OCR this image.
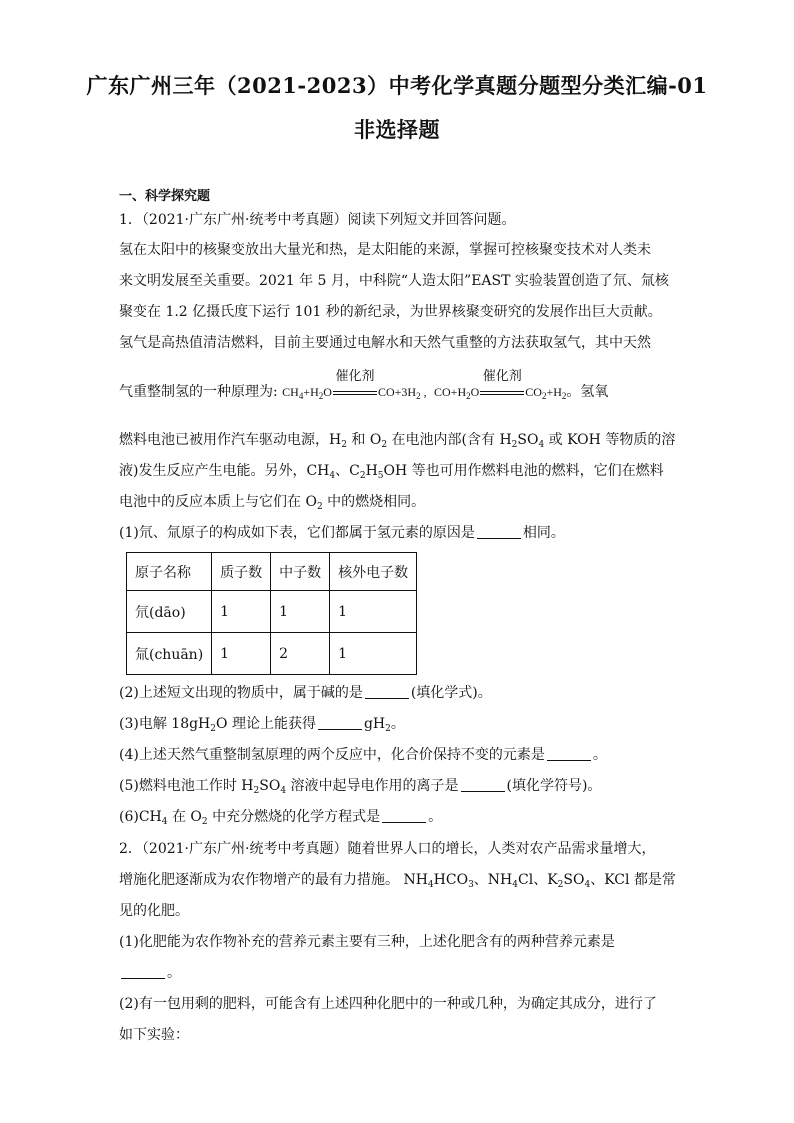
广东广州三年（2021-2023）中考化学真题分题型分类汇编-01
非选择题
一、科学探究题
1．（2021·广东广州·统考中考真题）阅读下列短文并回答问题。
氢在太阳中的核聚变放出大量光和热，是太阳能的来源，掌握可控核聚变技术对人类未
来文明发展至关重要。2021 年 5 月，中科院“人造太阳”EAST 实验装置创造了氘、氚核
聚变在 1.2 亿摄氏度下运行 101 秒的新纪录，为世界核聚变研究的发展作出巨大贡献。
氢气是高热值清洁燃料，目前主要通过电解水和天然气重整的方法获取氢气，其中天然
气重整制氢的一种原理为: $CH_4+H_2O$
催化剂
$CO+3H_2$ ,  $CO+H_2O$
催化剂
$CO_2+H_2$。氢氧
燃料电池已被用作汽车驱动电源，$H_2$ 和 $O_2$ 在电池内部(含有 $H_2SO_4$ 或 KOH 等物质的溶
液)发生反应产生电能。另外，$CH_4$、$C_2H_5OH$ 等也可用作燃料电池的燃料，它们在燃料
电池中的反应本质上与它们在 $O_2$ 中的燃烧相同。
(1)氘、氚原子的构成如下表，它们都属于氢元素的原因是	相同。
原子名称	质子数	中子数	核外电子数
氘(dāo)	1	1	1
氚(chuān)	1	2	1
(2)上述短文出现的物质中，属于碱的是	(填化学式)。
(3)电解 $18gH_2O$ 理论上能获得	$gH_2$。
(4)上述天然气重整制氢原理的两个反应中，化合价保持不变的元素是	。
(5)燃料电池工作时 $H_2SO_4$ 溶液中起导电作用的离子是	(填化学符号)。
$(6)CH_4$ 在 $O_2$ 中充分燃烧的化学方程式是	。
2．（2021·广东广州·统考中考真题）随着世界人口的增长，人类对农产品需求量增大，
增施化肥逐渐成为农作物增产的最有力措施。 $NH_4HCO_3$、$NH_4Cl$、$K_2SO_4$、KCl 都是常
见的化肥。
(1)化肥能为农作物补充的营养元素主要有三种，上述化肥含有的两种营养元素是
。
(2)有一包用剩的肥料，可能含有上述四种化肥中的一种或几种，为确定其成分，进行了
如下实验：
